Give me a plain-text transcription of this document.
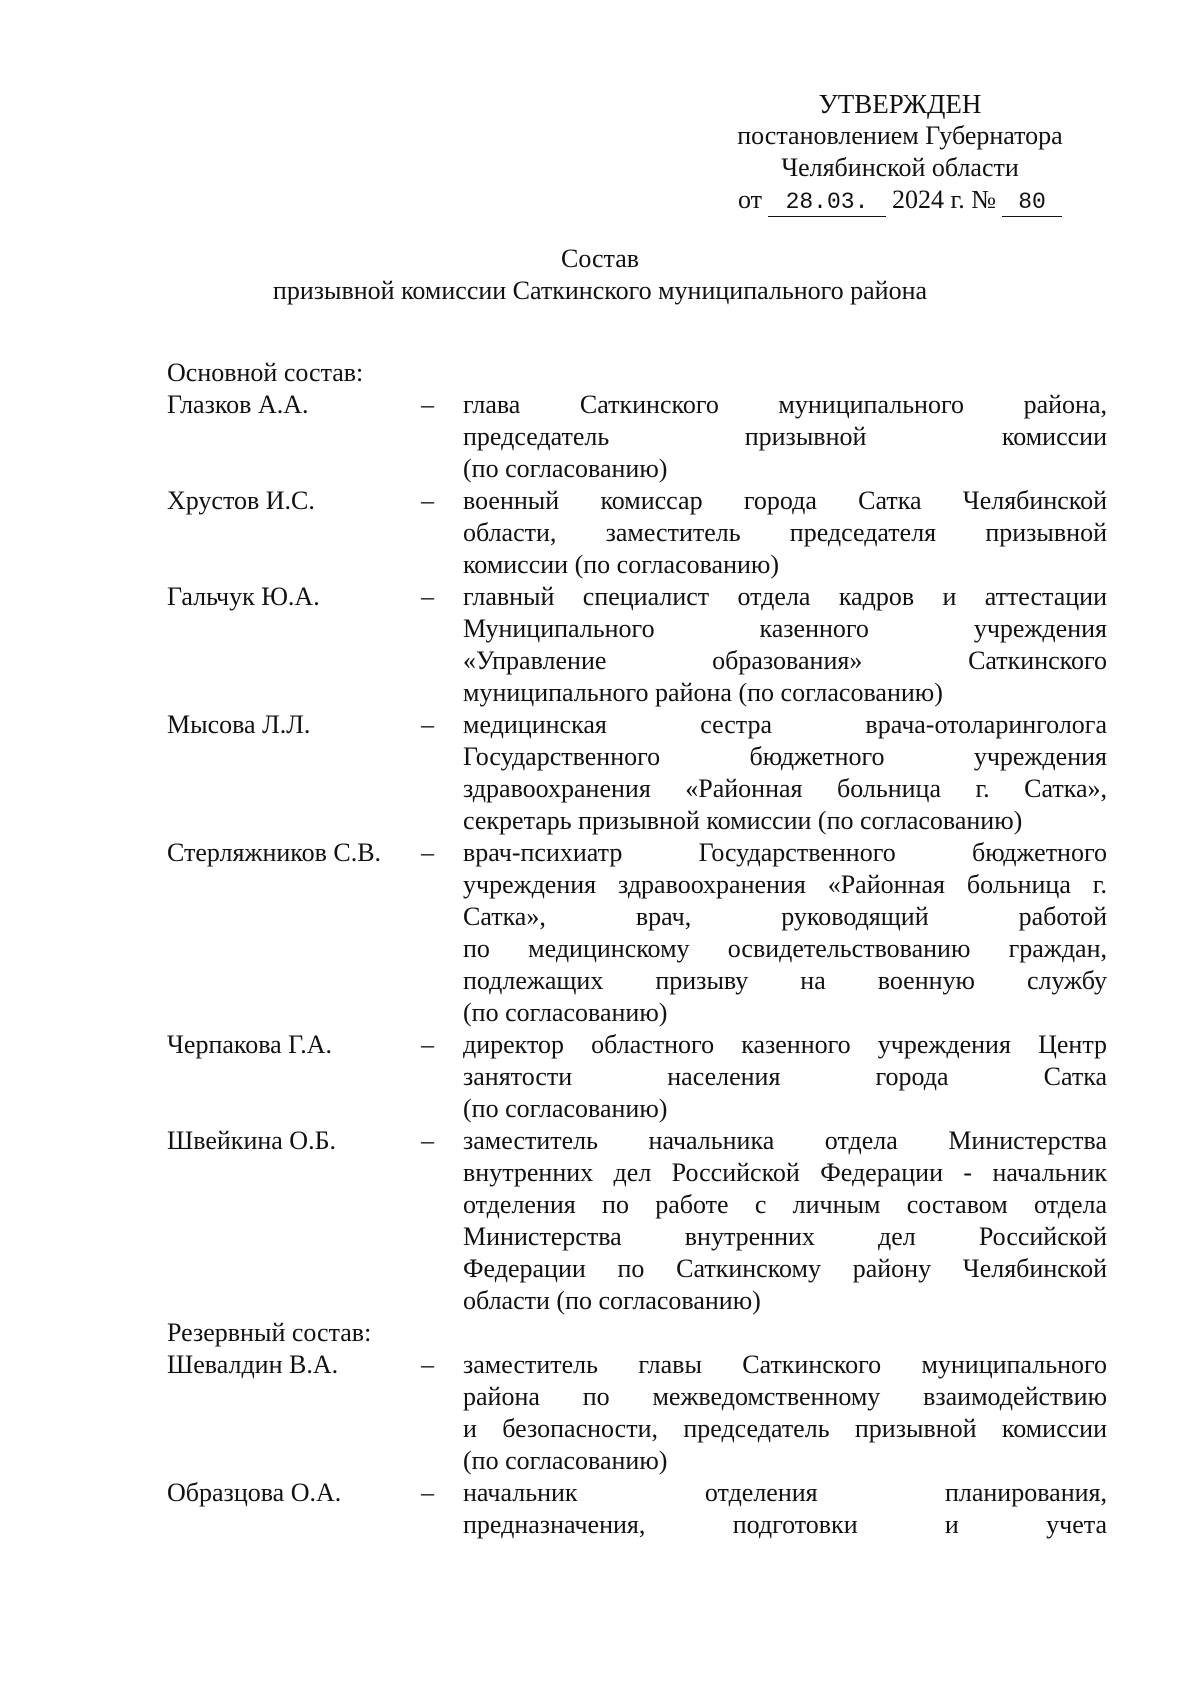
УТВЕРЖДЕН
постановлением Губернатора
Челябинской области
от 28.03. 2024 г. № 80
Состав
призывной комиссии Саткинского муниципального района
Основной состав:
Глазков А.А.	– глава Саткинского муниципального района,
председатель призывной комиссии
(по согласованию)
Хрустов И.С.	– военный комиссар города Сатка Челябинской
области, заместитель председателя призывной
комиссии (по согласованию)
Гальчук Ю.А.	– главный специалист отдела кадров и аттестации
Муниципального казенного учреждения
«Управление образования» Саткинского
муниципального района (по согласованию)
Мысова Л.Л.	– медицинская сестра врача-отоларинголога
Государственного бюджетного учреждения
здравоохранения «Районная больница г. Сатка»,
секретарь призывной комиссии (по согласованию)
Стерляжников С.В. – врач-психиатр Государственного бюджетного
учреждения здравоохранения «Районная больница г.
Сатка», врач, руководящий работой
по медицинскому освидетельствованию граждан,
подлежащих призыву на военную службу
(по согласованию)
Черпакова Г.А.	– директор областного казенного учреждения Центр
занятости населения города Сатка
(по согласованию)
Швейкина О.Б.	– заместитель начальника отдела Министерства
внутренних дел Российской Федерации - начальник
отделения по работе с личным составом отдела
Министерства внутренних дел Российской
Федерации по Саткинскому району Челябинской
области (по согласованию)
Резервный состав:
Шевалдин В.А.	– заместитель главы Саткинского муниципального
района по межведомственному взаимодействию
и безопасности, председатель призывной комиссии
(по согласованию)
Образцова О.А.	– начальник отделения планирования,
предназначения, подготовки и учета
